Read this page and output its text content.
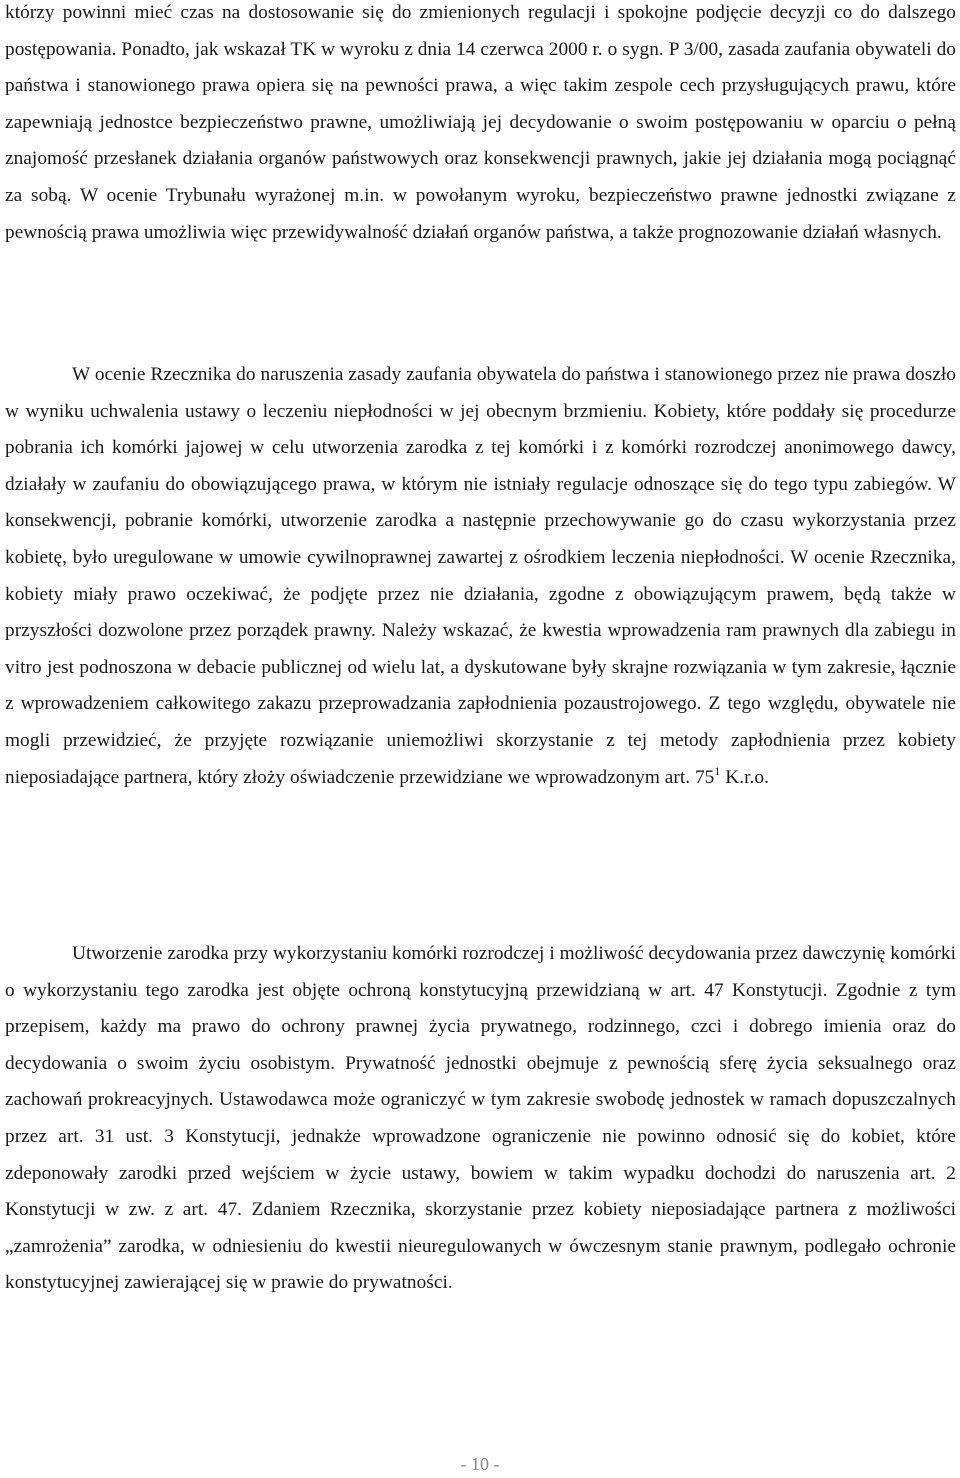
którzy powinni mieć czas na dostosowanie się do zmienionych regulacji i spokojne podjęcie decyzji co do dalszego postępowania. Ponadto, jak wskazał TK w wyroku z dnia 14 czerwca 2000 r. o sygn. P 3/00, zasada zaufania obywateli do państwa i stanowionego prawa opiera się na pewności prawa, a więc takim zespole cech przysługujących prawu, które zapewniają jednostce bezpieczeństwo prawne, umożliwiają jej decydowanie o swoim postępowaniu w oparciu o pełną znajomość przesłanek działania organów państwowych oraz konsekwencji prawnych, jakie jej działania mogą pociągnąć za sobą. W ocenie Trybunału wyrażonej m.in. w powołanym wyroku, bezpieczeństwo prawne jednostki związane z pewnością prawa umożliwia więc przewidywalność działań organów państwa, a także prognozowanie działań własnych.

W ocenie Rzecznika do naruszenia zasady zaufania obywatela do państwa i stanowionego przez nie prawa doszło w wyniku uchwalenia ustawy o leczeniu niepłodności w jej obecnym brzmieniu. Kobiety, które poddały się procedurze pobrania ich komórki jajowej w celu utworzenia zarodka z tej komórki i z komórki rozrodczej anonimowego dawcy, działały w zaufaniu do obowiązującego prawa, w którym nie istniały regulacje odnoszące się do tego typu zabiegów. W konsekwencji, pobranie komórki, utworzenie zarodka a następnie przechowywanie go do czasu wykorzystania przez kobietę, było uregulowane w umowie cywilnoprawnej zawartej z ośrodkiem leczenia niepłodności. W ocenie Rzecznika, kobiety miały prawo oczekiwać, że podjęte przez nie działania, zgodne z obowiązującym prawem, będą także w przyszłości dozwolone przez porządek prawny. Należy wskazać, że kwestia wprowadzenia ram prawnych dla zabiegu in vitro jest podnoszona w debacie publicznej od wielu lat, a dyskutowane były skrajne rozwiązania w tym zakresie, łącznie z wprowadzeniem całkowitego zakazu przeprowadzania zapłodnienia pozaustrojowego. Z tego względu, obywatele nie mogli przewidzieć, że przyjęte rozwiązanie uniemożliwi skorzystanie z tej metody zapłodnienia przez kobiety nieposiadające partnera, który złoży oświadczenie przewidziane we wprowadzonym art. $75^1$ K.r.o.

Utworzenie zarodka przy wykorzystaniu komórki rozrodczej i możliwość decydowania przez dawczynię komórki o wykorzystaniu tego zarodka jest objęte ochroną konstytucyjną przewidzianą w art. 47 Konstytucji. Zgodnie z tym przepisem, każdy ma prawo do ochrony prawnej życia prywatnego, rodzinnego, czci i dobrego imienia oraz do decydowania o swoim życiu osobistym. Prywatność jednostki obejmuje z pewnością sferę życia seksualnego oraz zachowań prokreacyjnych. Ustawodawca może ograniczyć w tym zakresie swobodę jednostek w ramach dopuszczalnych przez art. 31 ust. 3 Konstytucji, jednakże wprowadzone ograniczenie nie powinno odnosić się do kobiet, które zdeponowały zarodki przed wejściem w życie ustawy, bowiem w takim wypadku dochodzi do naruszenia art. 2 Konstytucji w zw. z art. 47. Zdaniem Rzecznika, skorzystanie przez kobiety nieposiadające partnera z możliwości „zamrożenia” zarodka, w odniesieniu do kwestii nieuregulowanych w ówczesnym stanie prawnym, podlegało ochronie konstytucyjnej zawierającej się w prawie do prywatności.

- 10 -
